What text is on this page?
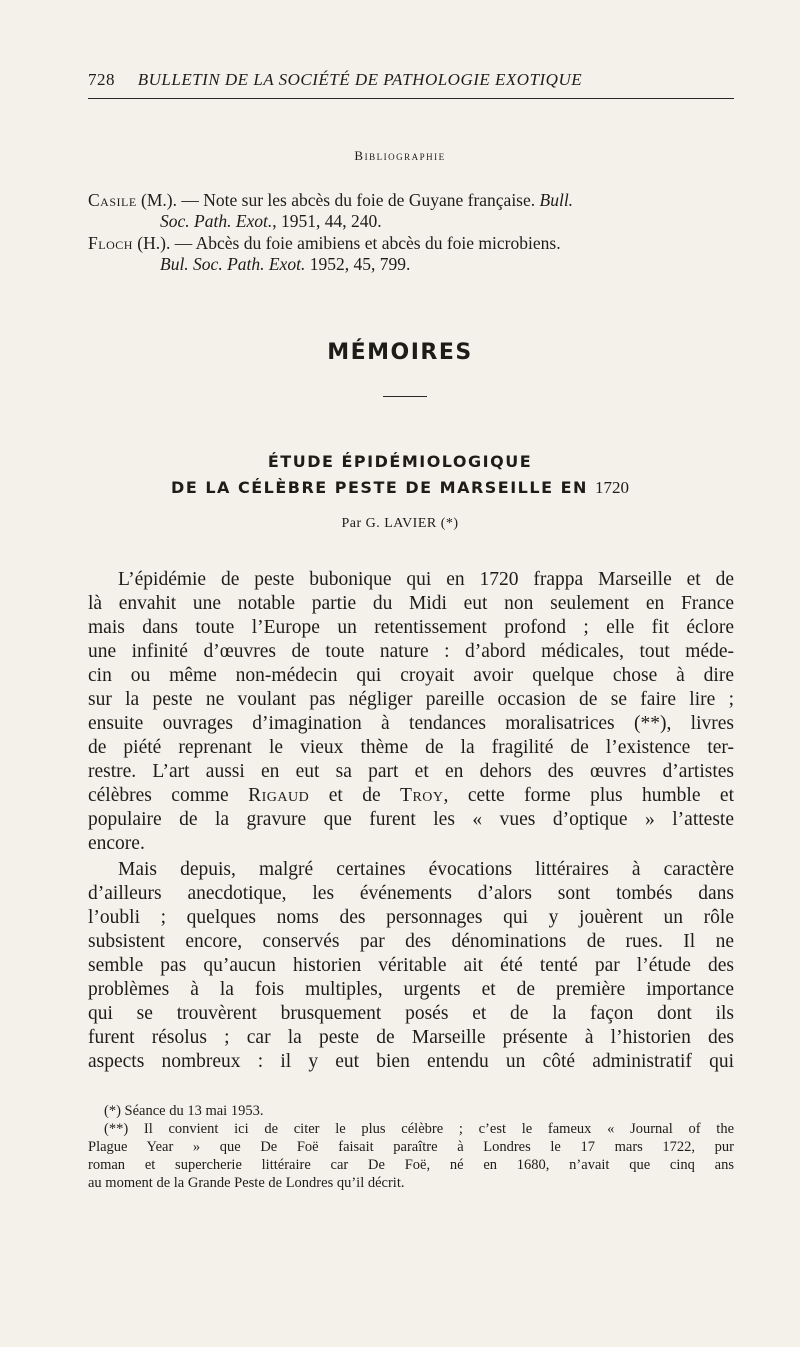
728 BULLETIN DE LA SOCIÉTÉ DE PATHOLOGIE EXOTIQUE
Bibliographie
Casile (M.). — Note sur les abcès du foie de Guyane française. Bull.
Soc. Path. Exot., 1951, 44, 240.
Floch (H.). — Abcès du foie amibiens et abcès du foie microbiens.
Bul. Soc. Path. Exot. 1952, 45, 799.
MÉMOIRES
ÉTUDE ÉPIDÉMIOLOGIQUE
DE LA CÉLÈBRE PESTE DE MARSEILLE EN 1720
Par G. LAVIER (*)
L’épidémie de peste bubonique qui en 1720 frappa Marseille et de
là envahit une notable partie du Midi eut non seulement en France
mais dans toute l’Europe un retentissement profond ; elle fit éclore
une infinité d’œuvres de toute nature : d’abord médicales, tout méde-
cin ou même non-médecin qui croyait avoir quelque chose à dire
sur la peste ne voulant pas négliger pareille occasion de se faire lire ;
ensuite ouvrages d’imagination à tendances moralisatrices (**), livres
de piété reprenant le vieux thème de la fragilité de l’existence ter-
restre. L’art aussi en eut sa part et en dehors des œuvres d’artistes
célèbres comme Rigaud et de Troy, cette forme plus humble et
populaire de la gravure que furent les « vues d’optique » l’atteste
encore.
Mais depuis, malgré certaines évocations littéraires à caractère
d’ailleurs anecdotique, les événements d’alors sont tombés dans
l’oubli ; quelques noms des personnages qui y jouèrent un rôle
subsistent encore, conservés par des dénominations de rues. Il ne
semble pas qu’aucun historien véritable ait été tenté par l’étude des
problèmes à la fois multiples, urgents et de première importance
qui se trouvèrent brusquement posés et de la façon dont ils
furent résolus ; car la peste de Marseille présente à l’historien des
aspects nombreux : il y eut bien entendu un côté administratif qui
(*) Séance du 13 mai 1953.
(**) Il convient ici de citer le plus célèbre ; c’est le fameux « Journal of the
Plague Year » que De Foë faisait paraître à Londres le 17 mars 1722, pur
roman et supercherie littéraire car De Foë, né en 1680, n’avait que cinq ans
au moment de la Grande Peste de Londres qu’il décrit.
